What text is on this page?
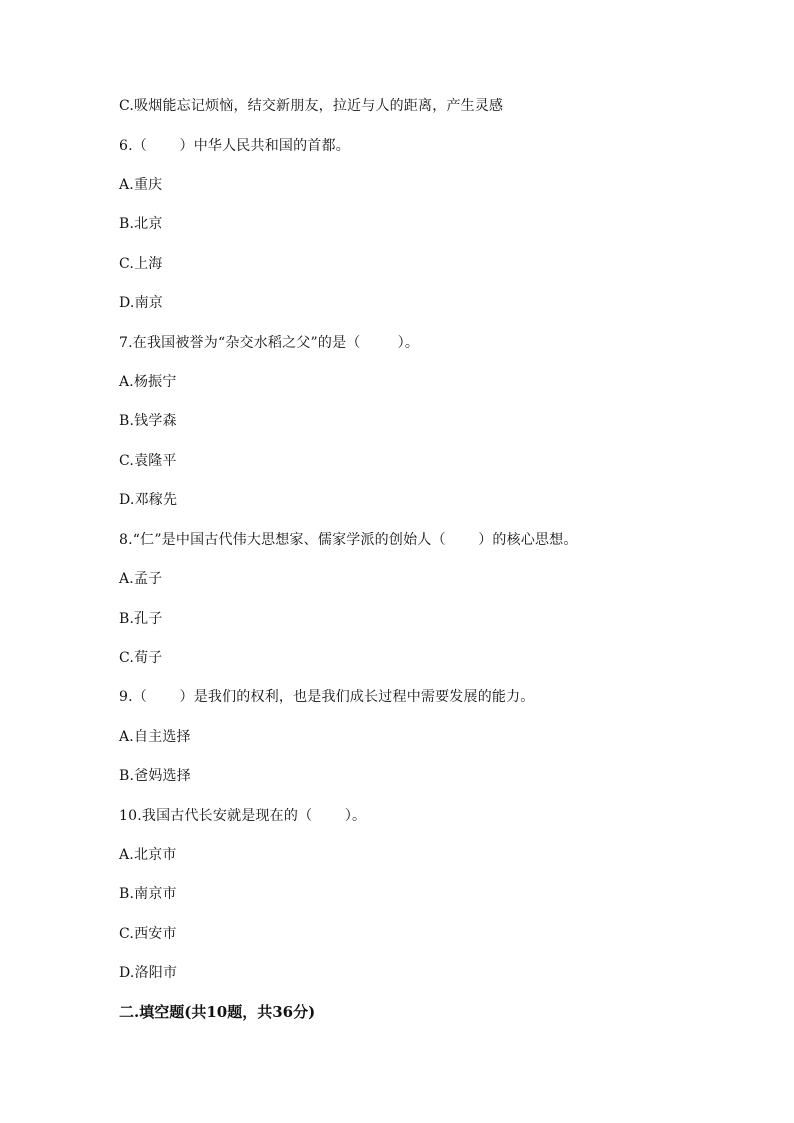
C.吸烟能忘记烦恼，结交新朋友，拉近与人的距离，产生灵感
6.（       ）中华人民共和国的首都。
A.重庆
B.北京
C.上海
D.南京
7.在我国被誉为“杂交水稻之父”的是（        ）。
A.杨振宁
B.钱学森
C.袁隆平
D.邓稼先
8.“仁”是中国古代伟大思想家、儒家学派的创始人（       ）的核心思想。
A.孟子
B.孔子
C.荀子
9.（       ）是我们的权利，也是我们成长过程中需要发展的能力。
A.自主选择
B.爸妈选择
10.我国古代长安就是现在的（       ）。
A.北京市
B.南京市
C.西安市
D.洛阳市
二.填空题(共10题，共36分)
